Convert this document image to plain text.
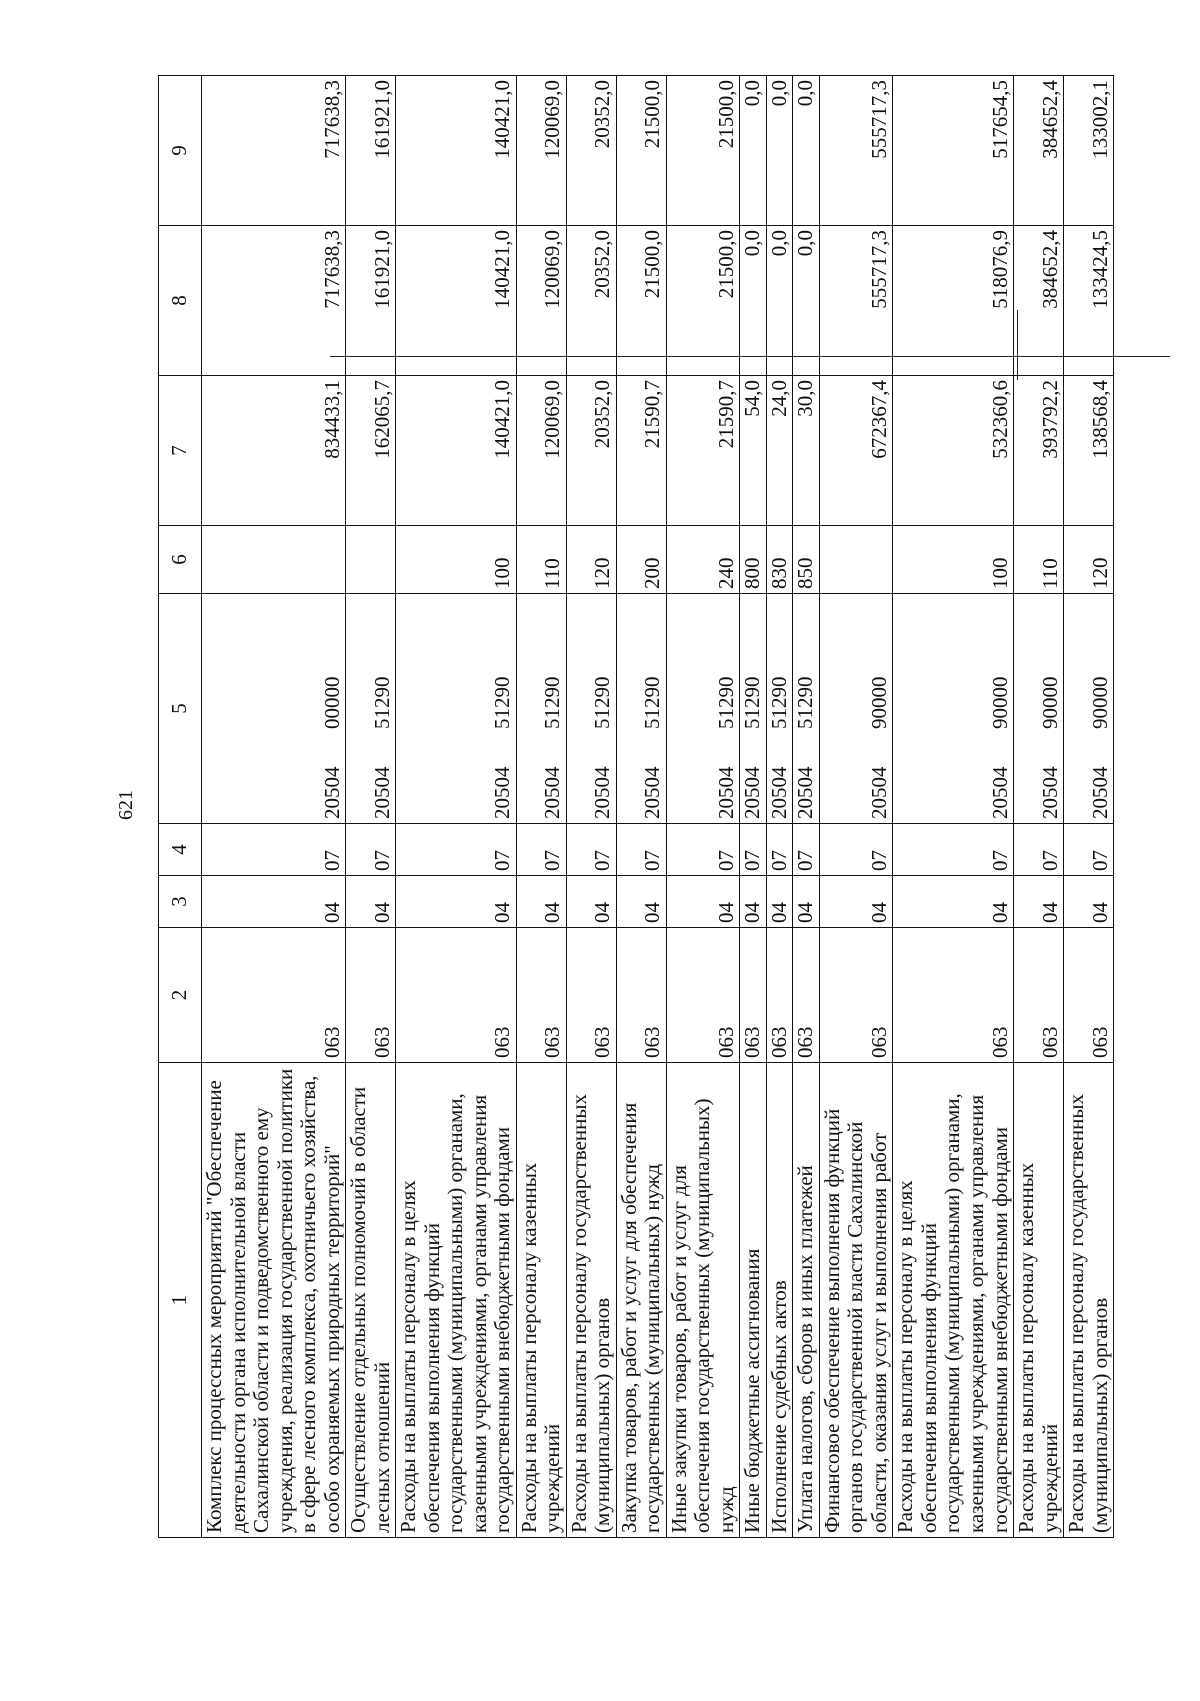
621
1	2	3	4	5	6	7	8	9
Комплекс процессных мероприятий "Обеспечение деятельности органа исполнительной власти Сахалинской области и подведомственного ему учреждения, реализация государственной политики в сфере лесного комплекса, охотничьего хозяйства, особо охраняемых природных территорий"	063	04	07	2050400000		834433,1	717638,3	717638,3
Осуществление отдельных полномочий в области лесных отношений	063	04	07	2050451290		162065,7	161921,0	161921,0
Расходы на выплаты персоналу в целях обеспечения выполнения функций государственными (муниципальными) органами, казенными учреждениями, органами управления государственными внебюджетными фондами	063	04	07	2050451290	100	140421,0	140421,0	140421,0
Расходы на выплаты персоналу казенных учреждений	063	04	07	2050451290	110	120069,0	120069,0	120069,0
Расходы на выплаты персоналу государственных (муниципальных) органов	063	04	07	2050451290	120	20352,0	20352,0	20352,0
Закупка товаров, работ и услуг для обеспечения государственных (муниципальных) нужд	063	04	07	2050451290	200	21590,7	21500,0	21500,0
Иные закупки товаров, работ и услуг для обеспечения государственных (муниципальных) нужд	063	04	07	2050451290	240	21590,7	21500,0	21500,0
Иные бюджетные ассигнования	063	04	07	2050451290	800	54,0	0,0	0,0
Исполнение судебных актов	063	04	07	2050451290	830	24,0	0,0	0,0
Уплата налогов, сборов и иных платежей	063	04	07	2050451290	850	30,0	0,0	0,0
Финансовое обеспечение выполнения функций органов государственной власти Сахалинской области, оказания услуг и выполнения работ	063	04	07	2050490000		672367,4	555717,3	555717,3
Расходы на выплаты персоналу в целях обеспечения выполнения функций государственными (муниципальными) органами, казенными учреждениями, органами управления государственными внебюджетными фондами	063	04	07	2050490000	100	532360,6	518076,9	517654,5
Расходы на выплаты персоналу казенных учреждений	063	04	07	2050490000	110	393792,2	384652,4	384652,4
Расходы на выплаты персоналу государственных (муниципальных) органов	063	04	07	2050490000	120	138568,4	133424,5	133002,1
